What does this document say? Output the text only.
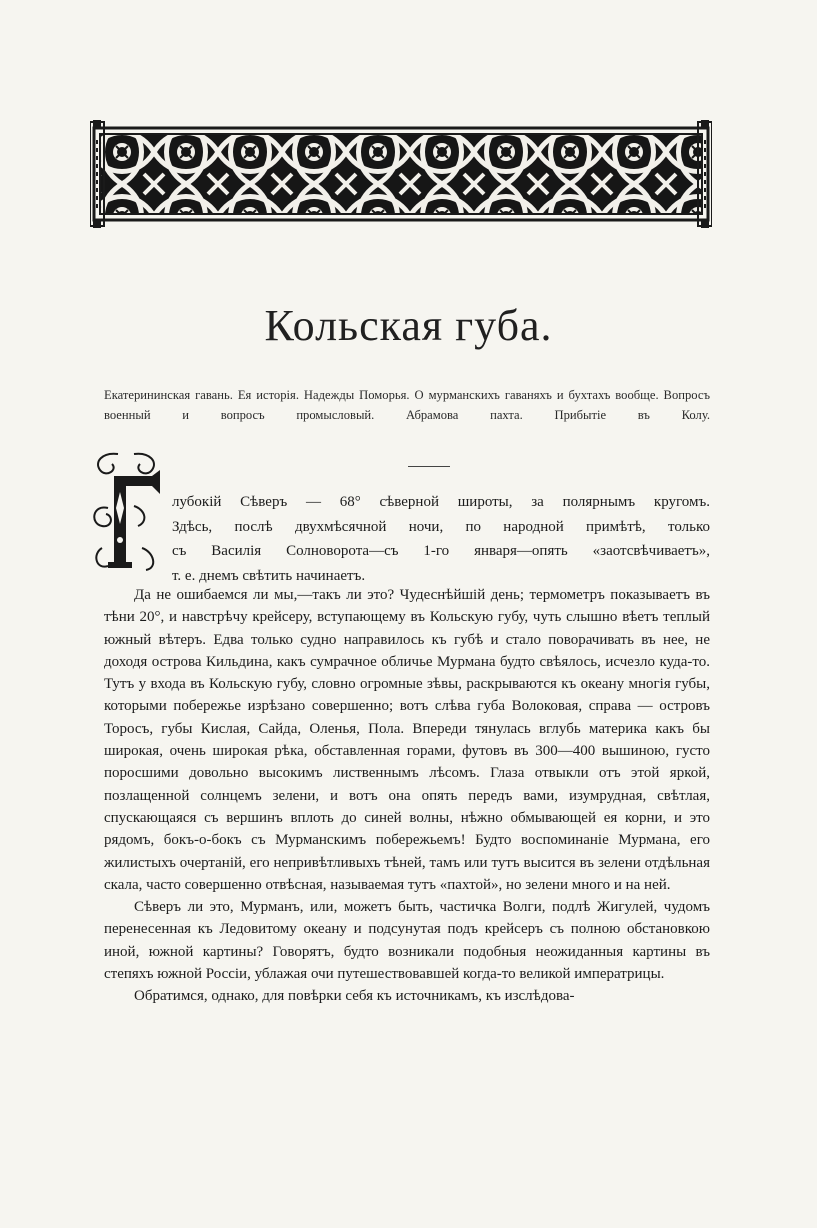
Кольская губа.
Екатерининская гавань. Ея исторія. Надежды Поморья. О мурманскихъ гаваняхъ и бухтахъ вообще. Вопросъ военный и вопросъ промысловый. Абрамова пахта. Прибытіе въ Колу.

лубокій Сѣверъ — 68° сѣверной широты, за полярнымъ кругомъ.

Здѣсь, послѣ двухмѣсячной ночи, по народной примѣтѣ, только

съ Василія Солноворота—съ 1-го января—опять «заотсвѣчиваетъ»,

т. е. днемъ свѣтить начинаетъ.

Да не ошибаемся ли мы,—такъ ли это? Чудеснѣйшій день; термометръ показываетъ въ тѣни 20°, и навстрѣчу крейсеру, вступающему въ Кольскую губу, чуть слышно вѣетъ теплый южный вѣтеръ. Едва только судно направилось къ губѣ и стало поворачивать въ нее, не доходя острова Кильдина, какъ сумрачное обличье Мурмана будто свѣялось, исчезло куда-то. Тутъ у входа въ Кольскую губу, словно огромные зѣвы, раскрываются къ океану многія губы, которыми побережье изрѣзано совершенно; вотъ слѣва губа Волоковая, справа — островъ Торосъ, губы Кислая, Сайда, Оленья, Пола. Впереди тянулась вглубь материка какъ бы широкая, очень широкая рѣка, обставленная горами, футовъ въ 300—400 вышиною, густо поросшими довольно высокимъ лиственнымъ лѣсомъ. Глаза отвыкли отъ этой яркой, позлащенной солнцемъ зелени, и вотъ она опять передъ вами, изумрудная, свѣтлая, спускающаяся съ вершинъ вплоть до синей волны, нѣжно обмывающей ея корни, и это рядомъ, бокъ-о-бокъ съ Мурманскимъ побережьемъ! Будто воспоминаніе Мурмана, его жилистыхъ очертаній, его непривѣтливыхъ тѣней, тамъ или тутъ высится въ зелени отдѣльная скала, часто совершенно отвѣсная, называемая тутъ «пахтой», но зелени много и на ней.

Сѣверъ ли это, Мурманъ, или, можетъ быть, частичка Волги, подлѣ Жигулей, чудомъ перенесенная къ Ледовитому океану и подсунутая подъ крейсеръ съ полною обстановкою иной, южной картины? Говорятъ, будто возникали подобныя неожиданныя картины въ степяхъ южной Россіи, ублажая очи путешествовавшей когда-то великой императрицы.

Обратимся, однако, для повѣрки себя къ источникамъ, къ изслѣдова-
